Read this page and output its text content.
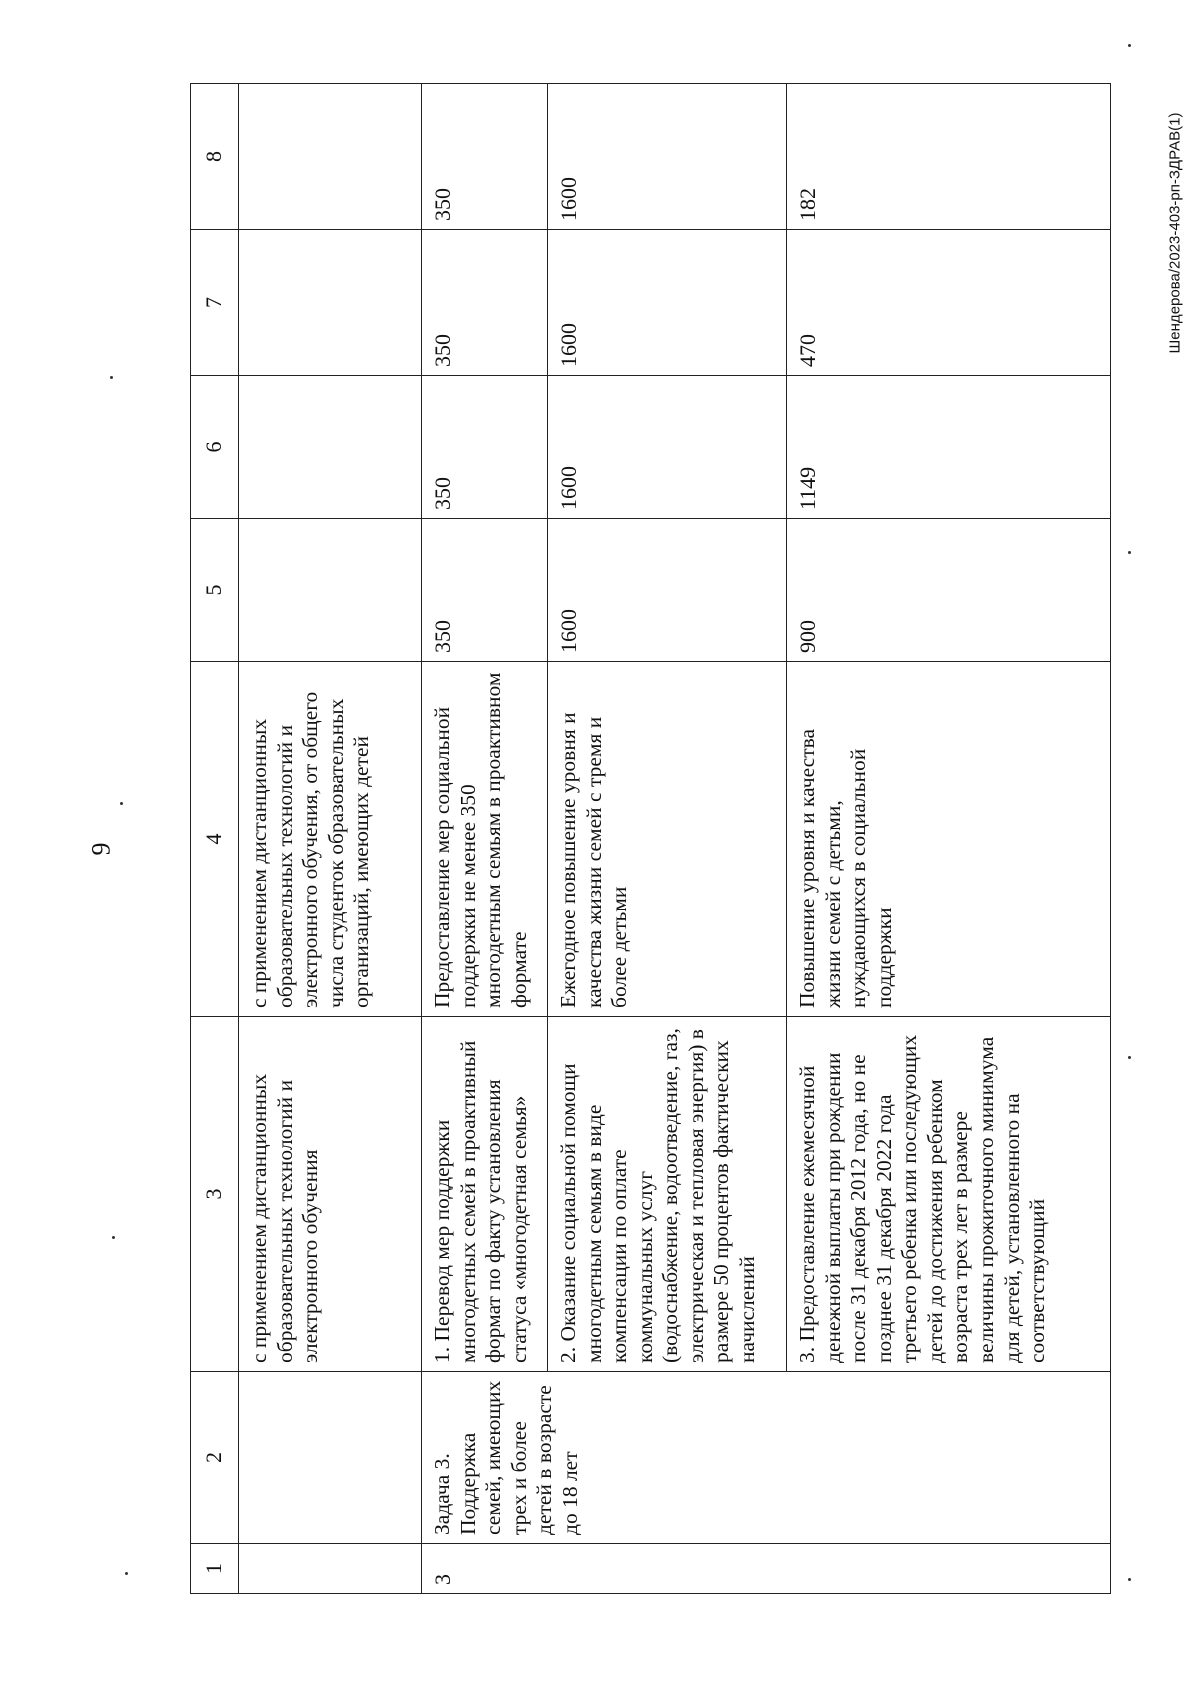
9
Шендерова/2023-403-рп-ЗДРАВ(1)
1	2	3	4	5	6	7	8
		с применением дистанционных образовательных технологий и электронного обучения	с применением дистанционных образовательных технологий и электронного обучения, от общего числа студенток образовательных организаций, имеющих детей				
3	Задача 3. Поддержка семей, имеющих трех и более детей в возрасте до 18 лет	1. Перевод мер поддержки многодетных семей в проактивный формат по факту установления статуса «многодетная семья»	Предоставление мер социальной поддержки не менее 350 многодетным семьям в проактивном формате	350	350	350	350
		2. Оказание социальной помощи многодетным семьям в виде компенсации по оплате коммунальных услуг (водоснабжение, водоотведение, газ, электрическая и тепловая энергия) в размере 50 процентов фактических начислений	Ежегодное повышение уровня и качества жизни семей с тремя и более детьми	1600	1600	1600	1600
		3. Предоставление ежемесячной денежной выплаты при рождении после 31 декабря 2012 года, но не позднее 31 декабря 2022 года третьего ребенка или последующих детей до достижения ребенком возраста трех лет в размере величины прожиточного минимума для детей, установленного на соответствующий	Повышение уровня и качества жизни семей с детьми, нуждающихся в социальной поддержки	900	1149	470	182
